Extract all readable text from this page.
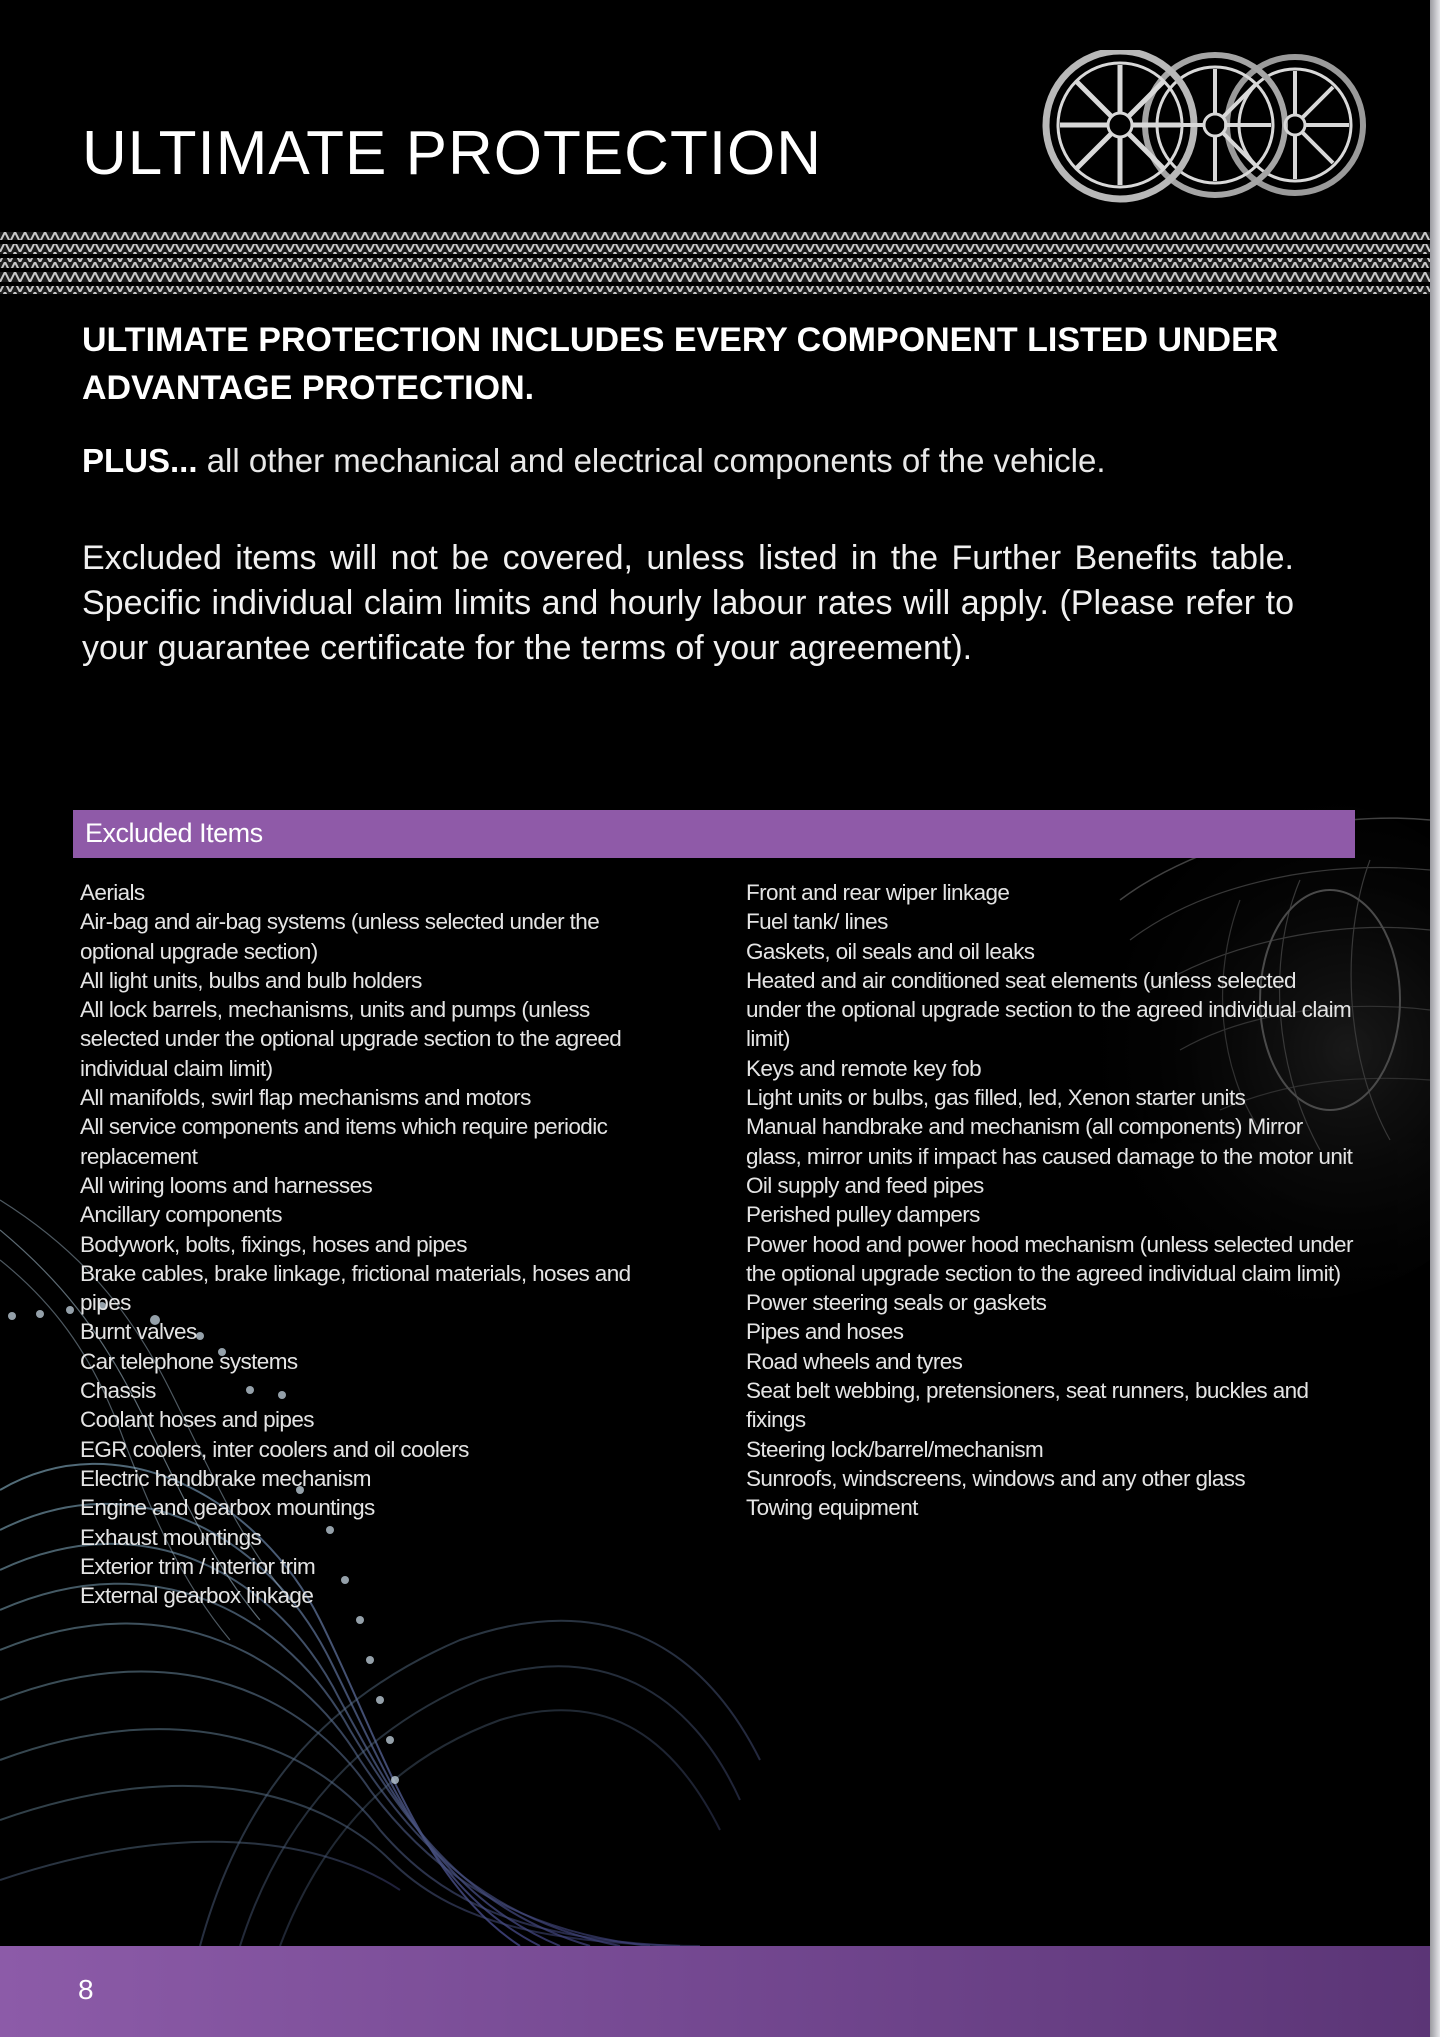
ULTIMATE PROTECTION

ULTIMATE PROTECTION INCLUDES EVERY COMPONENT LISTED UNDER ADVANTAGE PROTECTION.

PLUS... all other mechanical and electrical components of the vehicle.

Excluded items will not be covered, unless listed in the Further Benefits table. Specific individual claim limits and hourly labour rates will apply. (Please refer to your guarantee certificate for the terms of your agreement).

Excluded Items
Aerials
Air-bag and air-bag systems (unless selected under the optional upgrade section)
All light units, bulbs and bulb holders
All lock barrels, mechanisms, units and pumps (unless selected under the optional upgrade section to the agreed individual claim limit)
All manifolds, swirl flap mechanisms and motors
All service components and items which require periodic replacement
All wiring looms and harnesses
Ancillary components
Bodywork, bolts, fixings, hoses and pipes
Brake cables, brake linkage, frictional materials, hoses and pipes
Burnt valves
Car telephone systems
Chassis
Coolant hoses and pipes
EGR coolers, inter coolers and oil coolers
Electric handbrake mechanism
Engine and gearbox mountings
Exhaust mountings
Exterior trim / interior trim
External gearbox linkage
Front and rear wiper linkage
Fuel tank/ lines
Gaskets, oil seals and oil leaks
Heated and air conditioned seat elements (unless selected under the optional upgrade section to the agreed individual claim limit)
Keys and remote key fob
Light units or bulbs, gas filled, led, Xenon starter units
Manual handbrake and mechanism (all components) Mirror glass, mirror units if impact has caused damage to the motor unit
Oil supply and feed pipes
Perished pulley dampers
Power hood and power hood mechanism (unless selected under the optional upgrade section to the agreed individual claim limit)
Power steering seals or gaskets
Pipes and hoses
Road wheels and tyres
Seat belt webbing, pretensioners, seat runners, buckles and fixings
Steering lock/barrel/mechanism
Sunroofs, windscreens, windows and any other glass
Towing equipment
8
